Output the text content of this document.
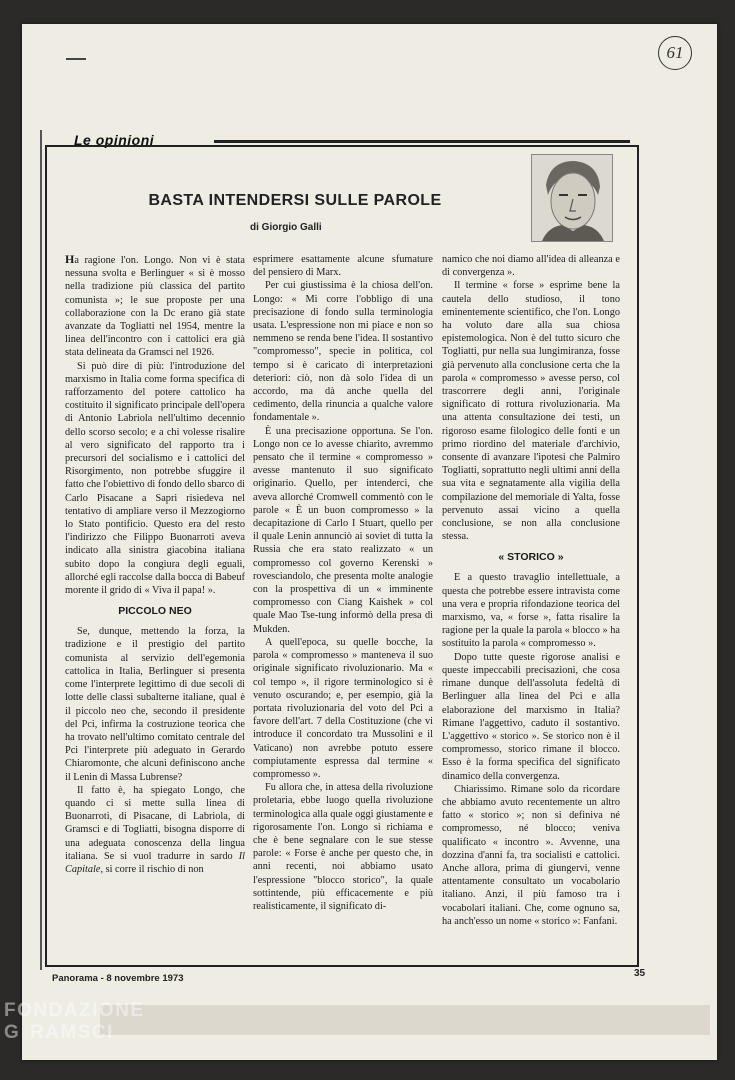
61
Le opinioni
BASTA INTENDERSI SULLE PAROLE
di Giorgio Galli

Ha ragione l'on. Longo. Non vi è stata nessuna svolta e Berlinguer « si è mosso nella tradizione più classica del partito comunista »; le sue proposte per una collaborazione con la Dc erano già state avanzate da Togliatti nel 1954, mentre la linea dell'incontro con i cattolici era già stata delineata da Gramsci nel 1926.

Si può dire di più: l'introduzione del marxismo in Italia come forma specifica di rafforzamento del potere cattolico ha costituito il significato principale dell'opera di Antonio Labriola nell'ultimo decennio dello scorso secolo; e a chi volesse risalire al vero significato del rapporto tra i precursori del socialismo e i cattolici del Risorgimento, non potrebbe sfuggire il fatto che l'obiettivo di fondo dello sbarco di Carlo Pisacane a Sapri risiedeva nel tentativo di ampliare verso il Mezzogiorno lo Stato pontificio. Questo era del resto l'indirizzo che Filippo Buonarroti aveva indicato alla sinistra giacobina italiana subito dopo la congiura degli eguali, allorché egli raccolse dalla bocca di Babeuf morente il grido di « Viva il papa! ».

PICCOLO NEO

Se, dunque, mettendo la forza, la tradizione e il prestigio del partito comunista al servizio dell'egemonia cattolica in Italia, Berlinguer si presenta come l'interprete legittimo di due secoli di lotte delle classi subalterne italiane, qual è il piccolo neo che, secondo il presidente del Pci, infirma la costruzione teorica che ha trovato nell'ultimo comitato centrale del Pci l'interprete più adeguato in Gerardo Chiaromonte, che alcuni definiscono anche il Lenin di Massa Lubrense?

Il fatto è, ha spiegato Longo, che quando ci si mette sulla linea di Buonarroti, di Pisacane, di Labriola, di Gramsci e di Togliatti, bisogna disporre di una adeguata conoscenza della lingua italiana. Se si vuol tradurre in sardo Il Capitale, si corre il rischio di non

esprimere esattamente alcune sfumature del pensiero di Marx.

Per cui giustissima è la chiosa dell'on. Longo: « Mi corre l'obbligo di una precisazione di fondo sulla terminologia usata. L'espressione non mi piace e non so nemmeno se renda bene l'idea. Il sostantivo "compromesso", specie in politica, col tempo si è caricato di interpretazioni deteriori: ciò, non dà solo l'idea di un accordo, ma dà anche quella del cedimento, della rinuncia a qualche valore fondamentale ».

È una precisazione opportuna. Se l'on. Longo non ce lo avesse chiarito, avremmo pensato che il termine « compromesso » avesse mantenuto il suo significato originario. Quello, per intenderci, che aveva allorché Cromwell commentò con le parole « È un buon compromesso » la decapitazione di Carlo I Stuart, quello per il quale Lenin annunciò ai soviet di tutta la Russia che era stato realizzato « un compromesso col governo Kerenski » rovesciandolo, che presenta molte analogie con la prospettiva di un « imminente compromesso con Ciang Kaishek » col quale Mao Tse-tung informò della presa di Mukden.

A quell'epoca, su quelle bocche, la parola « compromesso » manteneva il suo originale significato rivoluzionario. Ma « col tempo », il rigore terminologico si è venuto oscurando; e, per esempio, già la portata rivoluzionaria del voto del Pci a favore dell'art. 7 della Costituzione (che vi introduce il concordato tra Mussolini e il Vaticano) non avrebbe potuto essere compiutamente espressa dal termine « compromesso ».

Fu allora che, in attesa della rivoluzione proletaria, ebbe luogo quella rivoluzione terminologica alla quale oggi giustamente e rigorosamente l'on. Longo si richiama e che è bene segnalare con le sue stesse parole: « Forse è anche per questo che, in anni recenti, noi abbiamo usato l'espressione "blocco storico", la quale sottintende, più efficacemente e più realisticamente, il significato di-

namico che noi diamo all'idea di alleanza e di convergenza ».

Il termine « forse » esprime bene la cautela dello studioso, il tono eminentemente scientifico, che l'on. Longo ha voluto dare alla sua chiosa epistemologica. Non è del tutto sicuro che Togliatti, pur nella sua lungimiranza, fosse già pervenuto alla conclusione certa che la parola « compromesso » avesse perso, col trascorrere degli anni, l'originale significato di rottura rivoluzionaria. Ma una attenta consultazione dei testi, un rigoroso esame filologico delle fonti e un primo riordino del materiale d'archivio, consente di avanzare l'ipotesi che Palmiro Togliatti, soprattutto negli ultimi anni della sua vita e segnatamente alla vigilia della compilazione del memoriale di Yalta, fosse pervenuto assai vicino a quella conclusione, se non alla conclusione stessa.

« STORICO »

E a questo travaglio intellettuale, a questa che potrebbe essere intravista come una vera e propria rifondazione teorica del marxismo, va, « forse », fatta risalire la ragione per la quale la parola « blocco » ha sostituito la parola « compromesso ».

Dopo tutte queste rigorose analisi e queste impeccabili precisazioni, che cosa rimane dunque dell'assoluta fedeltà di Berlinguer alla linea del Pci e alla elaborazione del marxismo in Italia? Rimane l'aggettivo, caduto il sostantivo. L'aggettivo « storico ». Se storico non è il compromesso, storico rimane il blocco. Esso è la forma specifica del significato dinamico della convergenza.

Chiarissimo. Rimane solo da ricordare che abbiamo avuto recentemente un altro fatto « storico »; non si definiva né compromesso, né blocco; veniva qualificato « incontro ». Avvenne, una dozzina d'anni fa, tra socialisti e cattolici. Anche allora, prima di giungervi, venne attentamente consultato un vocabolario italiano. Anzi, il più famoso tra i vocabolari italiani. Che, come ognuno sa, ha anch'esso un nome « storico »: Fanfani.

Panorama - 8 novembre 1973	35
FONDAZIONE
G RAMSCI
